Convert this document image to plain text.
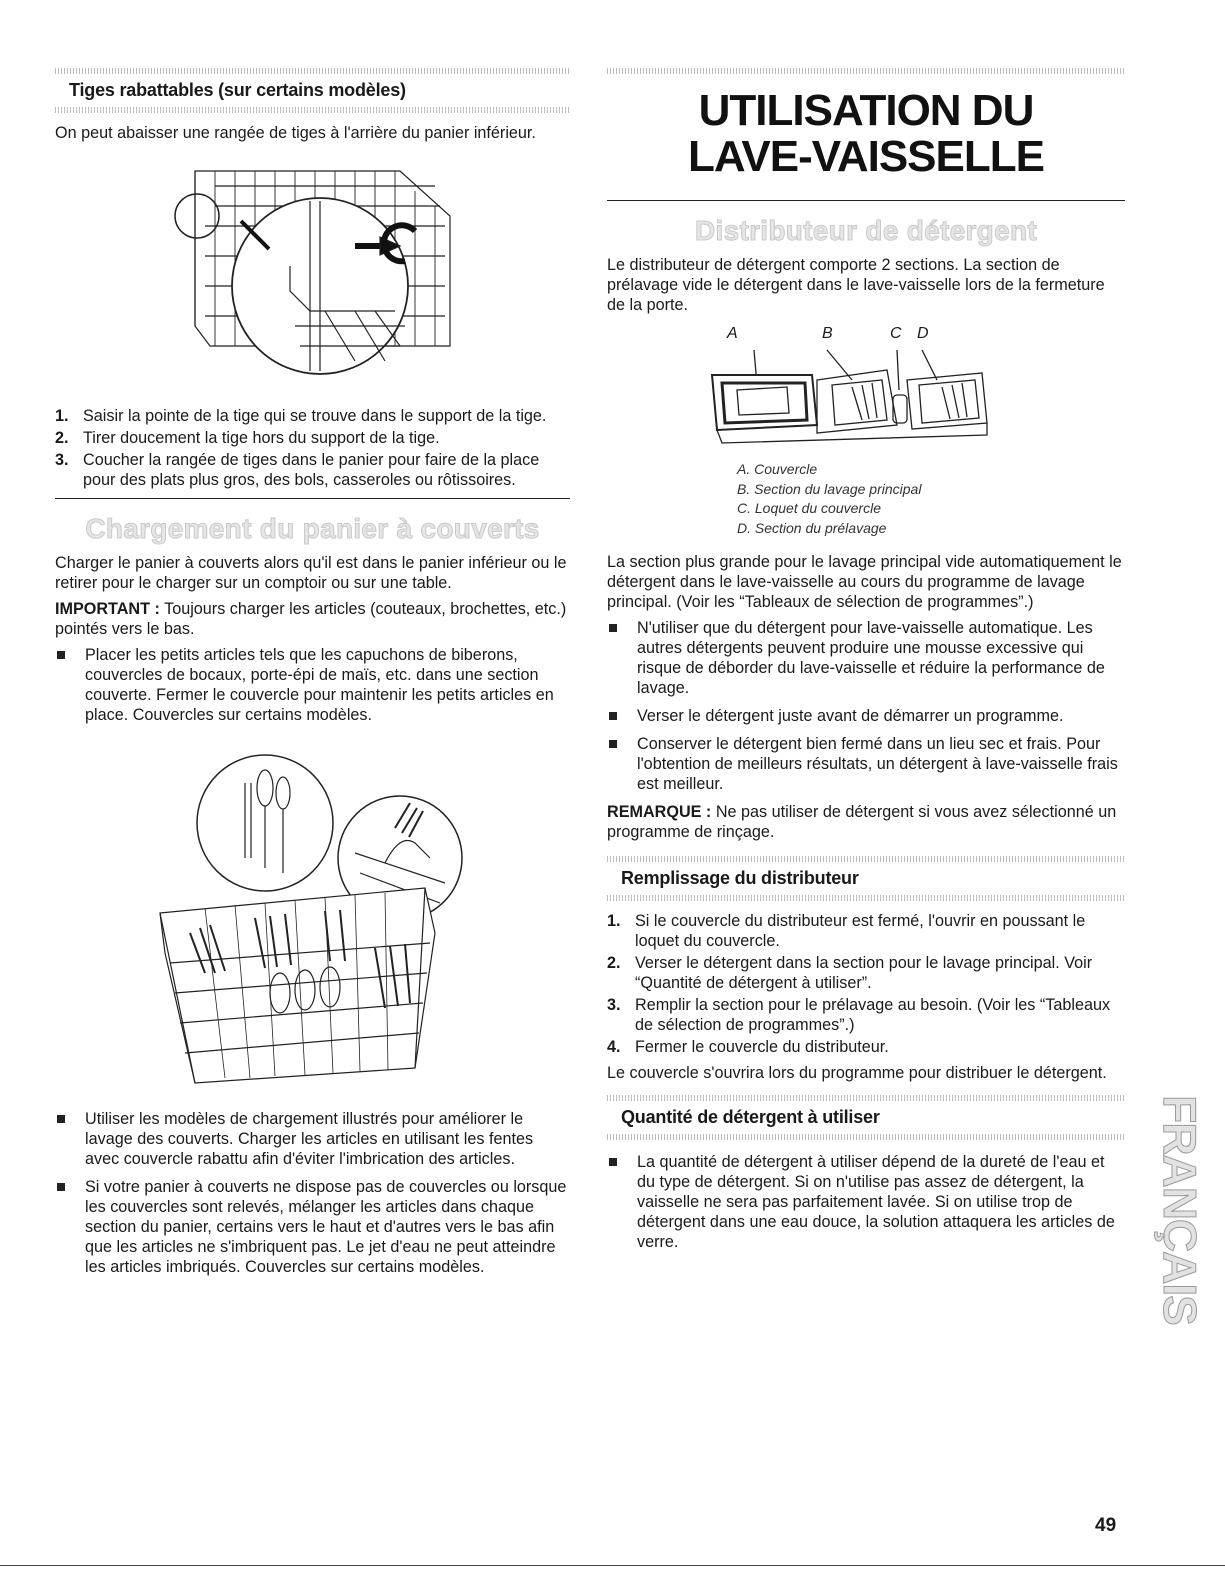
Tiges rabattables (sur certains modèles)

On peut abaisser une rangée de tiges à l'arrière du panier inférieur.

1. Saisir la pointe de la tige qui se trouve dans le support de la tige.
2. Tirer doucement la tige hors du support de la tige.
3. Coucher la rangée de tiges dans le panier pour faire de la place pour des plats plus gros, des bols, casseroles ou rôtissoires.
Chargement du panier à couverts

Charger le panier à couverts alors qu'il est dans le panier inférieur ou le retirer pour le charger sur un comptoir ou sur une table.

IMPORTANT : Toujours charger les articles (couteaux, brochettes, etc.) pointés vers le bas.

Placer les petits articles tels que les capuchons de biberons, couvercles de bocaux, porte-épi de maïs, etc. dans une section couverte. Fermer le couvercle pour maintenir les petits articles en place. Couvercles sur certains modèles.
Utiliser les modèles de chargement illustrés pour améliorer le lavage des couverts. Charger les articles en utilisant les fentes avec couvercle rabattu afin d'éviter l'imbrication des articles.
Si votre panier à couverts ne dispose pas de couvercles ou lorsque les couvercles sont relevés, mélanger les articles dans chaque section du panier, certains vers le haut et d'autres vers le bas afin que les articles ne s'imbriquent pas. Le jet d'eau ne peut atteindre les articles imbriqués. Couvercles sur certains modèles.
UTILISATION DU
LAVE-VAISSELLE
Distributeur de détergent

Le distributeur de détergent comporte 2 sections. La section de prélavage vide le détergent dans le lave-vaisselle lors de la fermeture de la porte.

A	B	C D
A. Couvercle
B. Section du lavage principal
C. Loquet du couvercle
D. Section du prélavage

La section plus grande pour le lavage principal vide automatiquement le détergent dans le lave-vaisselle au cours du programme de lavage principal. (Voir les “Tableaux de sélection de programmes”.)

N'utiliser que du détergent pour lave-vaisselle automatique. Les autres détergents peuvent produire une mousse excessive qui risque de déborder du lave-vaisselle et réduire la performance de lavage.
Verser le détergent juste avant de démarrer un programme.
Conserver le détergent bien fermé dans un lieu sec et frais. Pour l'obtention de meilleurs résultats, un détergent à lave-vaisselle frais est meilleur.

REMARQUE : Ne pas utiliser de détergent si vous avez sélectionné un programme de rinçage.

Remplissage du distributeur
1. Si le couvercle du distributeur est fermé, l'ouvrir en poussant le loquet du couvercle.
2. Verser le détergent dans la section pour le lavage principal. Voir “Quantité de détergent à utiliser”.
3. Remplir la section pour le prélavage au besoin. (Voir les “Tableaux de sélection de programmes”.)
4. Fermer le couvercle du distributeur.

Le couvercle s'ouvrira lors du programme pour distribuer le détergent.

Quantité de détergent à utiliser
La quantité de détergent à utiliser dépend de la dureté de l'eau et du type de détergent. Si on n'utilise pas assez de détergent, la vaisselle ne sera pas parfaitement lavée. Si on utilise trop de détergent dans une eau douce, la solution attaquera les articles de verre.	FRANÇAIS
49
